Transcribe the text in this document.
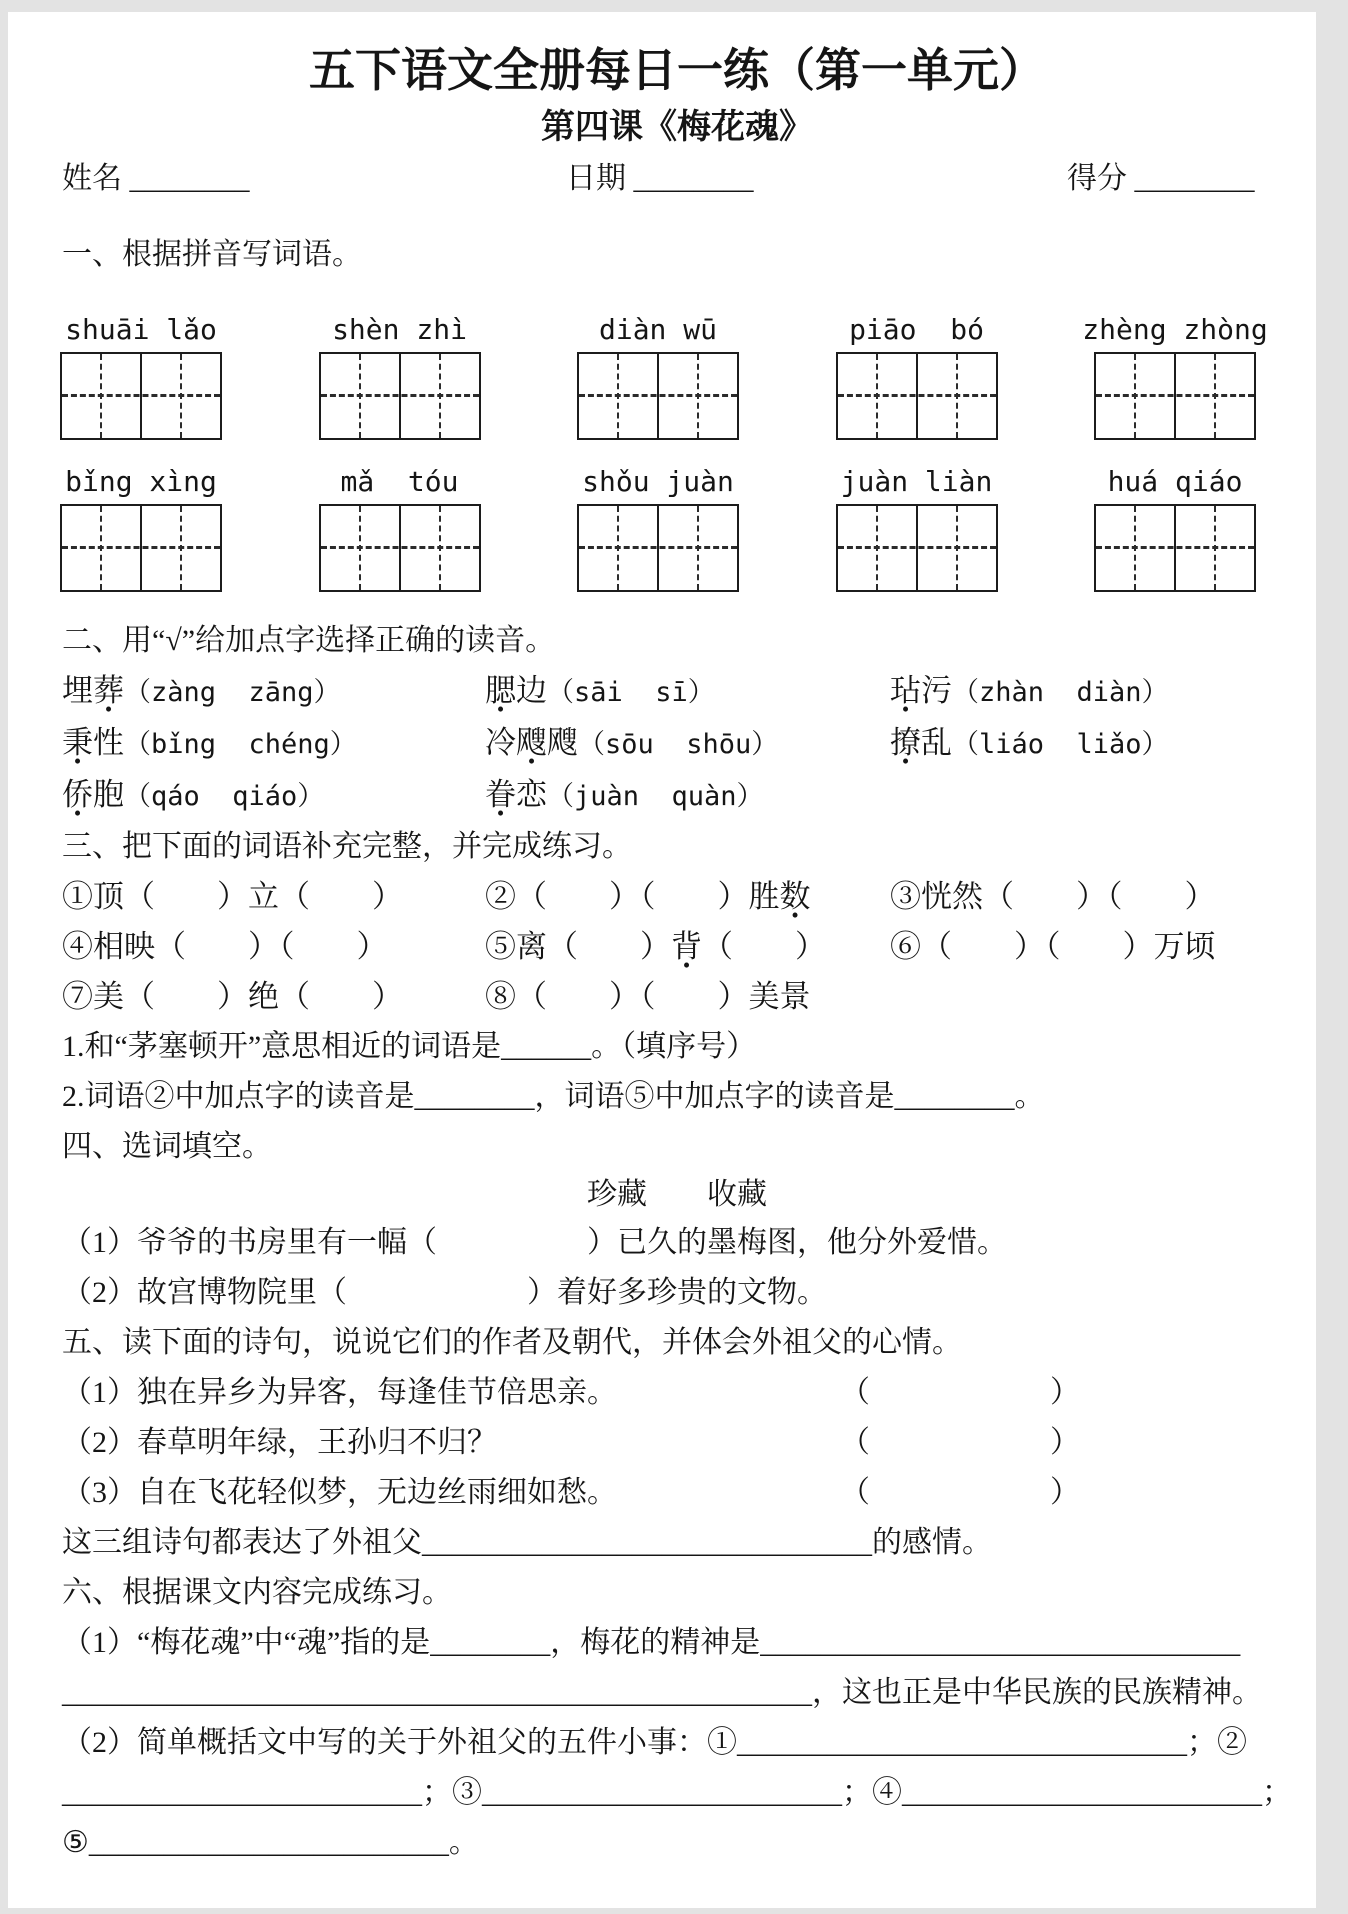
五下语文全册每日一练（第一单元）
第四课《梅花魂》
姓名 ________	日期 ________	得分 ________
一、根据拼音写词语。
shuāi lǎo	shèn zhì	diàn wū	piāo  bó	zhèng zhòng
bǐng xìng	mǎ  tóu	shǒu juàn	juàn liàn	huá qiáo
二、用“√”给加点字选择正确的读音。
埋葬（zàng  zāng）	腮边（sāi  sī）	玷污（zhàn  diàn）
秉性（bǐng  chéng）	冷飕飕（sōu  shōu）	撩乱（liáo  liǎo）
侨胞（qáo  qiáo）	眷恋（juàn  quàn）
三、把下面的词语补充完整，并完成练习。
①顶（　　）立（　　）	②（　　）（　　）胜数	③恍然（　　）（　　）
④相映（　　）（　　）	⑤离（　　）背（　　）	⑥（　　）（　　）万顷
⑦美（　　）绝（　　）	⑧（　　）（　　）美景
1.和“茅塞顿开”意思相近的词语是______。（填序号）
2.词语②中加点字的读音是________，词语⑤中加点字的读音是________。
四、选词填空。
珍藏　　收藏
（1）爷爷的书房里有一幅（　　　　　）已久的墨梅图，他分外爱惜。
（2）故宫博物院里（　　　　　　）着好多珍贵的文物。
五、读下面的诗句，说说它们的作者及朝代，并体会外祖父的心情。
（1）独在异乡为异客，每逢佳节倍思亲。	（　　　　　　）
（2）春草明年绿，王孙归不归？	（　　　　　　）
（3）自在飞花轻似梦，无边丝雨细如愁。	（　　　　　　）
这三组诗句都表达了外祖父______________________________的感情。
六、根据课文内容完成练习。
（1）“梅花魂”中“魂”指的是________，梅花的精神是________________________________
__________________________________________________，这也正是中华民族的民族精神。
（2）简单概括文中写的关于外祖父的五件小事：①______________________________；②
________________________；③________________________；④________________________；
⑤________________________。
